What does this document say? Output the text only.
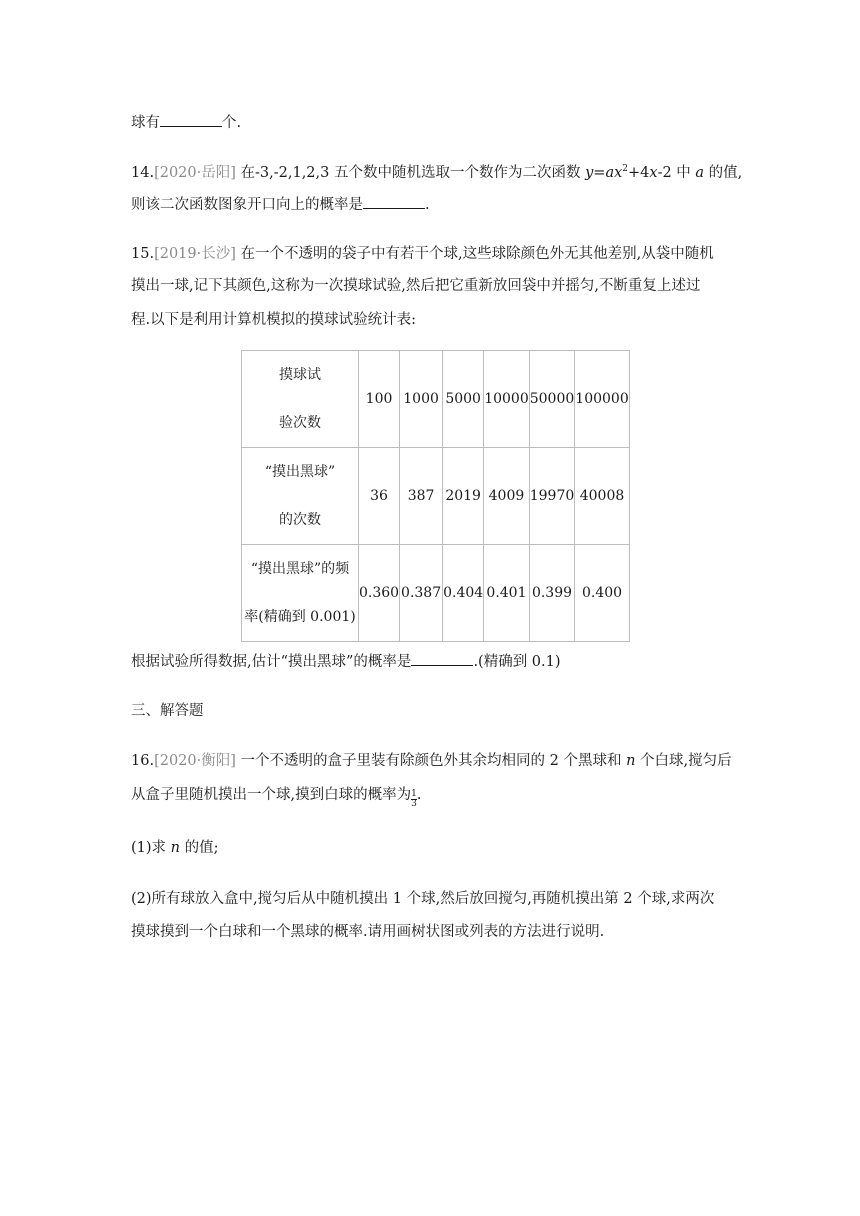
球有	个.
14.[2020·岳阳] 在-3,-2,1,2,3 五个数中随机选取一个数作为二次函数 $y=ax^2+4x-2$ 中 a 的值,
则该二次函数图象开口向上的概率是	.
15.[2019·长沙] 在一个不透明的袋子中有若干个球,这些球除颜色外无其他差别,从袋中随机
摸出一球,记下其颜色,这称为一次摸球试验,然后把它重新放回袋中并摇匀,不断重复上述过
程.以下是利用计算机模拟的摸球试验统计表:
摸球试
验次数	100	1000	5000	10000	50000	100000

“摸出黑球”
的次数	36	387	2019	4009	19970	40008

“摸出黑球”的频
率(精确到 0.001)	0.360	0.387	0.404	0.401	0.399	0.400
根据试验所得数据,估计“摸出黑球”的概率是	.(精确到 0.1)
三、解答题
16.[2020·衡阳] 一个不透明的盒子里装有除颜色外其余均相同的 2 个黑球和 n 个白球,搅匀后
从盒子里随机摸出一个球,摸到白球的概率为 $\frac{1}{3}$ .
(1)求 n 的值;
(2)所有球放入盒中,搅匀后从中随机摸出 1 个球,然后放回搅匀,再随机摸出第 2 个球,求两次
摸球摸到一个白球和一个黑球的概率.请用画树状图或列表的方法进行说明.
